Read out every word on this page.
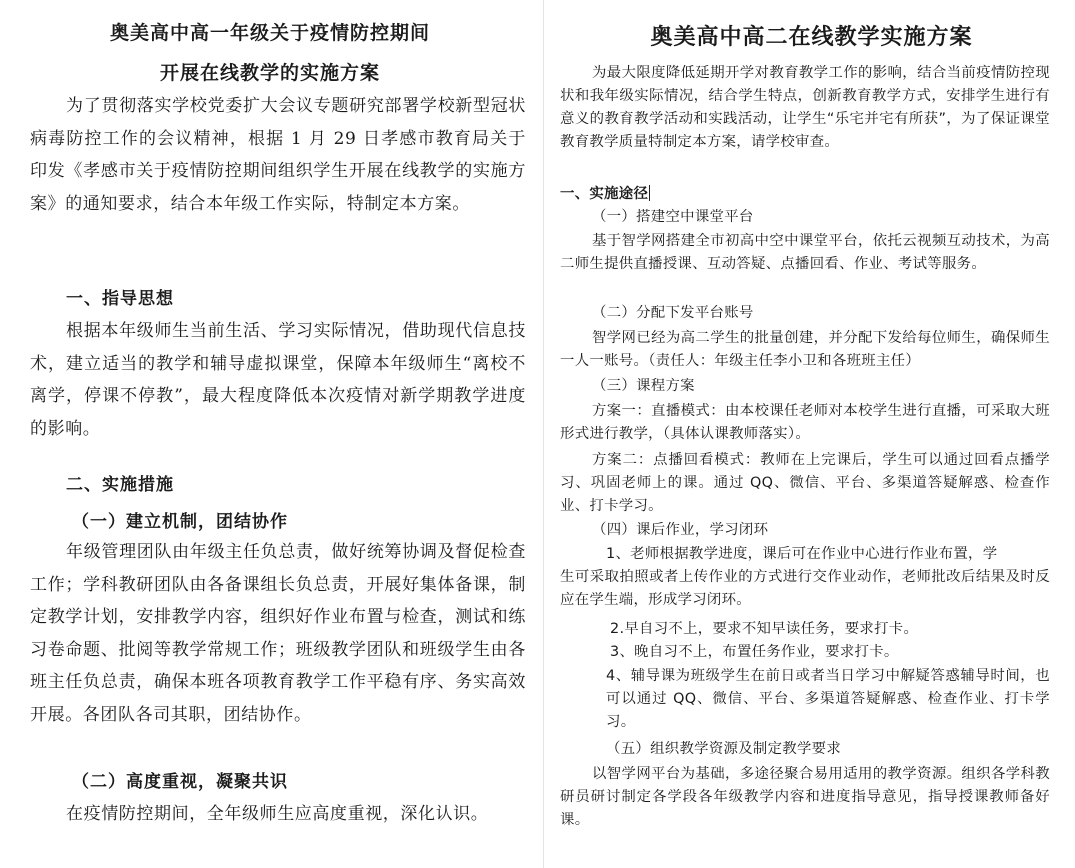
奥美高中高一年级关于疫情防控期间
开展在线教学的实施方案

为了贯彻落实学校党委扩大会议专题研究部署学校新型冠状病毒防控工作的会议精神，根据 1 月 29 日孝感市教育局关于印发《孝感市关于疫情防控期间组织学生开展在线教学的实施方案》的通知要求，结合本年级工作实际，特制定本方案。

一、指导思想

根据本年级师生当前生活、学习实际情况，借助现代信息技术，建立适当的教学和辅导虚拟课堂，保障本年级师生“离校不离学，停课不停教”，最大程度降低本次疫情对新学期教学进度的影响。

二、实施措施
（一）建立机制，团结协作

年级管理团队由年级主任负总责，做好统筹协调及督促检查工作；学科教研团队由各备课组长负总责，开展好集体备课，制定教学计划，安排教学内容，组织好作业布置与检查，测试和练习卷命题、批阅等教学常规工作；班级教学团队和班级学生由各班主任负总责，确保本班各项教育教学工作平稳有序、务实高效开展。各团队各司其职，团结协作。

（二）高度重视，凝聚共识

在疫情防控期间，全年级师生应高度重视，深化认识。

奥美高中高二在线教学实施方案

为最大限度降低延期开学对教育教学工作的影响，结合当前疫情防控现状和我年级实际情况，结合学生特点，创新教育教学方式，安排学生进行有意义的教育教学活动和实践活动，让学生“乐宅并宅有所获”，为了保证课堂教育教学质量特制定本方案，请学校审查。

一、实施途径
（一）搭建空中课堂平台

基于智学网搭建全市初高中空中课堂平台，依托云视频互动技术，为高二师生提供直播授课、互动答疑、点播回看、作业、考试等服务。

（二）分配下发平台账号

智学网已经为高二学生的批量创建，并分配下发给每位师生，确保师生一人一账号。（责任人：年级主任李小卫和各班班主任）

（三）课程方案

方案一：直播模式：由本校课任老师对本校学生进行直播，可采取大班形式进行教学，（具体认课教师落实）。

方案二：点播回看模式：教师在上完课后，学生可以通过回看点播学习、巩固老师上的课。通过 QQ、微信、平台、多渠道答疑解惑、检查作业、打卡学习。

（四）课后作业，学习闭环
1、老师根据教学进度，课后可在作业中心进行作业布置，学

生可采取拍照或者上传作业的方式进行交作业动作，老师批改后结果及时反应在学生端，形成学习闭环。

2.早自习不上，要求不知早读任务，要求打卡。
3、晚自习不上，布置任务作业，要求打卡。

4、辅导课为班级学生在前日或者当日学习中解疑答惑辅导时间，也可以通过 QQ、微信、平台、多渠道答疑解惑、检查作业、打卡学习。

（五）组织教学资源及制定教学要求

以智学网平台为基础，多途径聚合易用适用的教学资源。组织各学科教研员研讨制定各学段各年级教学内容和进度指导意见，指导授课教师备好课。
